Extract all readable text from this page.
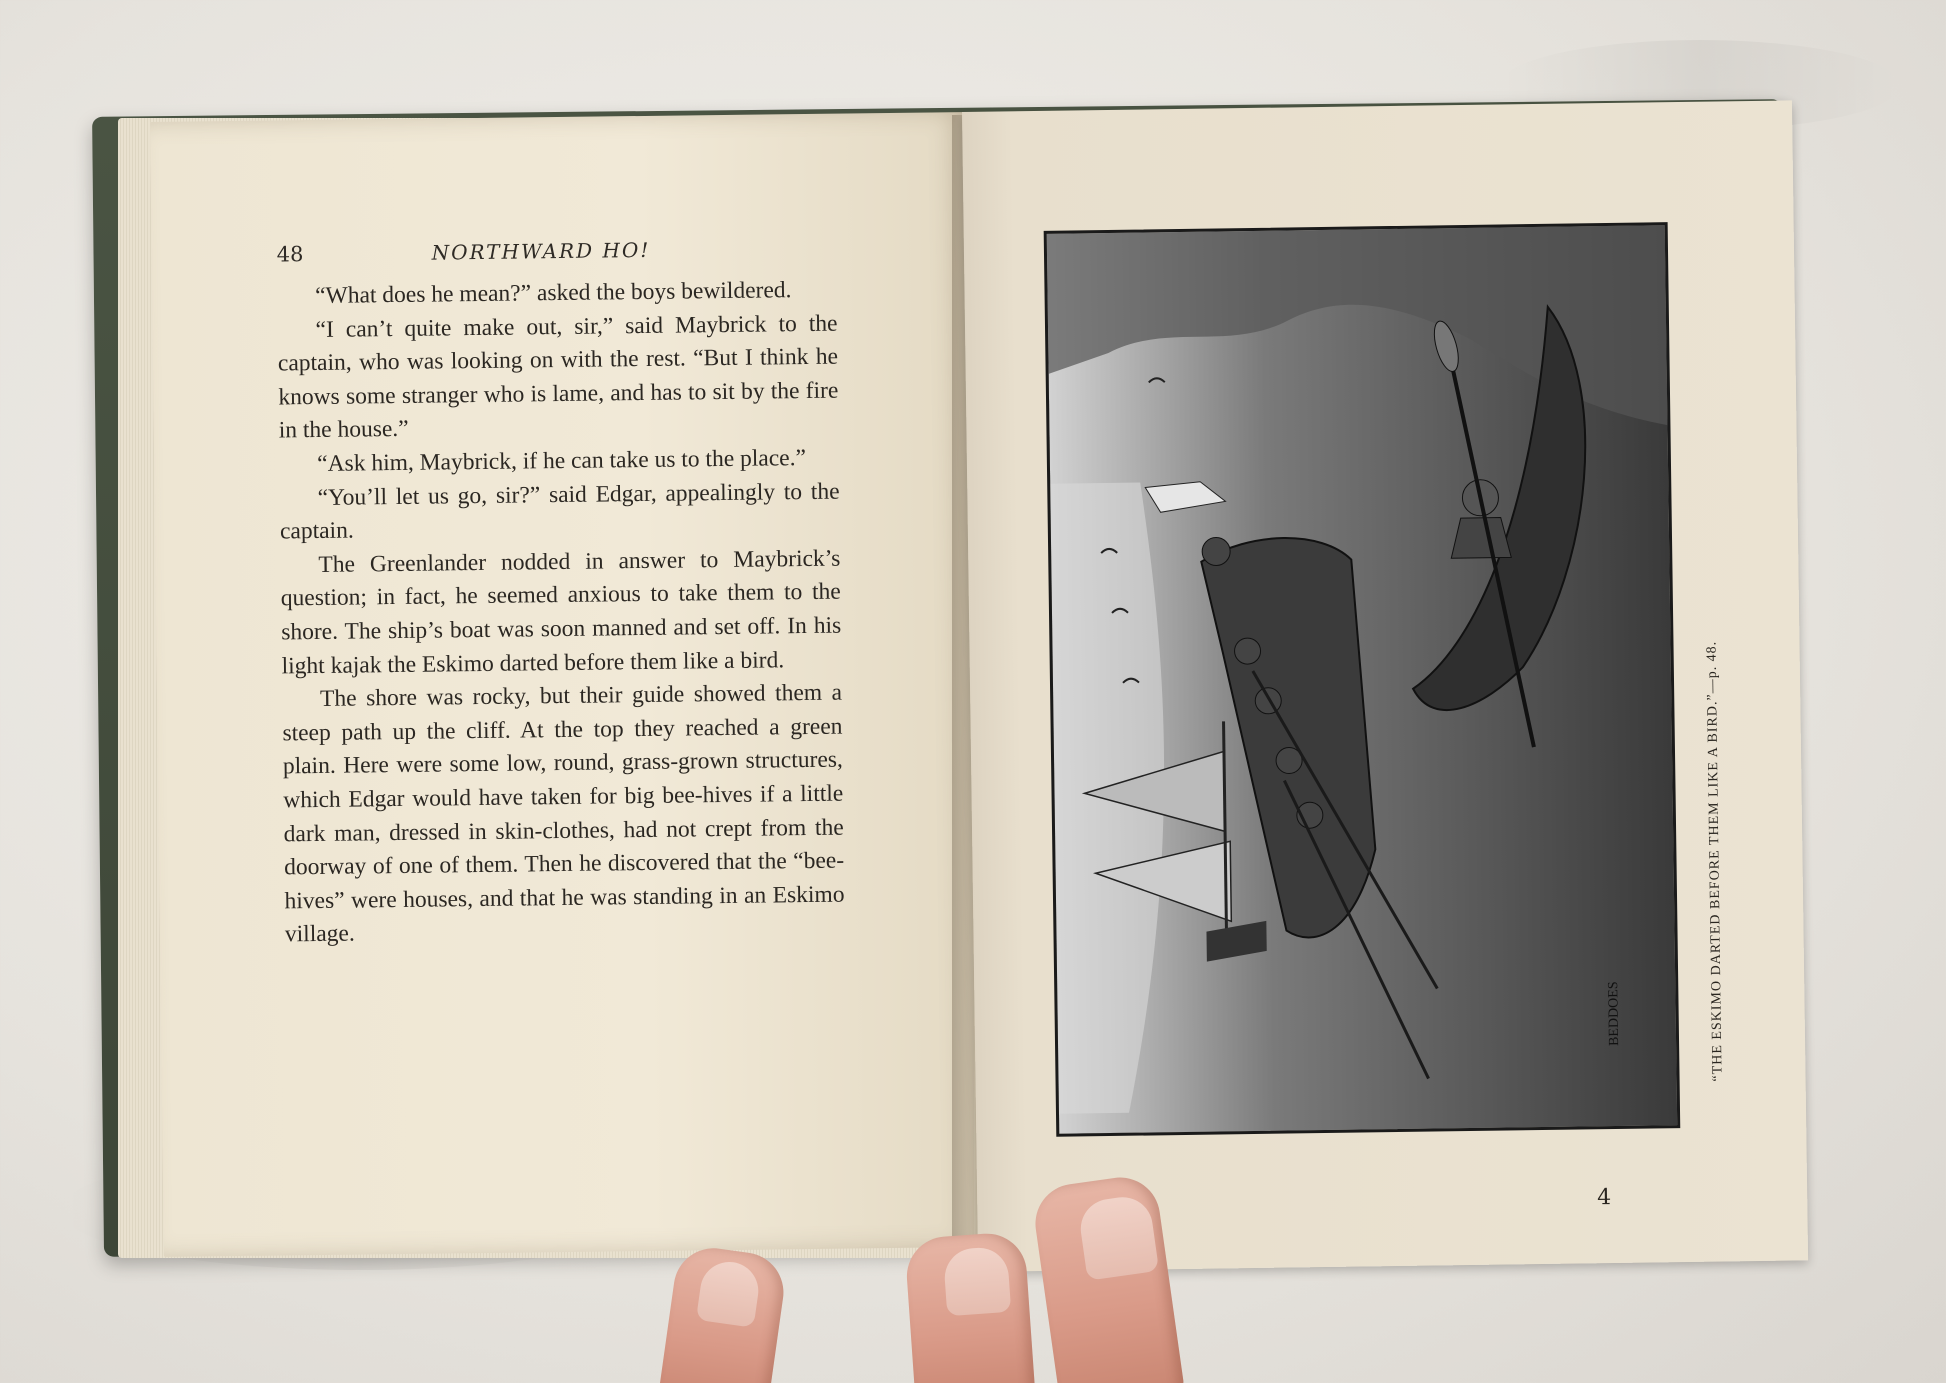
48	NORTHWARD HO!

“What does he mean?” asked the boys bewildered.

“I can’t quite make out, sir,” said Maybrick to the captain, who was looking on with the rest. “But I think he knows some stranger who is lame, and has to sit by the fire in the house.”

“Ask him, Maybrick, if he can take us to the place.”

“You’ll let us go, sir?” said Edgar, appealingly to the captain.

The Greenlander nodded in answer to Maybrick’s question; in fact, he seemed anxious to take them to the shore. The ship’s boat was soon manned and set off. In his light kajak the Eskimo darted before them like a bird.

The shore was rocky, but their guide showed them a steep path up the cliff. At the top they reached a green plain. Here were some low, round, grass-grown structures, which Edgar would have taken for big bee-hives if a little dark man, dressed in skin-clothes, had not crept from the doorway of one of them. Then he discovered that the “bee-hives” were houses, and that he was standing in an Eskimo village.

BEDDOES	“THE ESKIMO DARTED BEFORE THEM LIKE A BIRD.”—p. 48.
4
